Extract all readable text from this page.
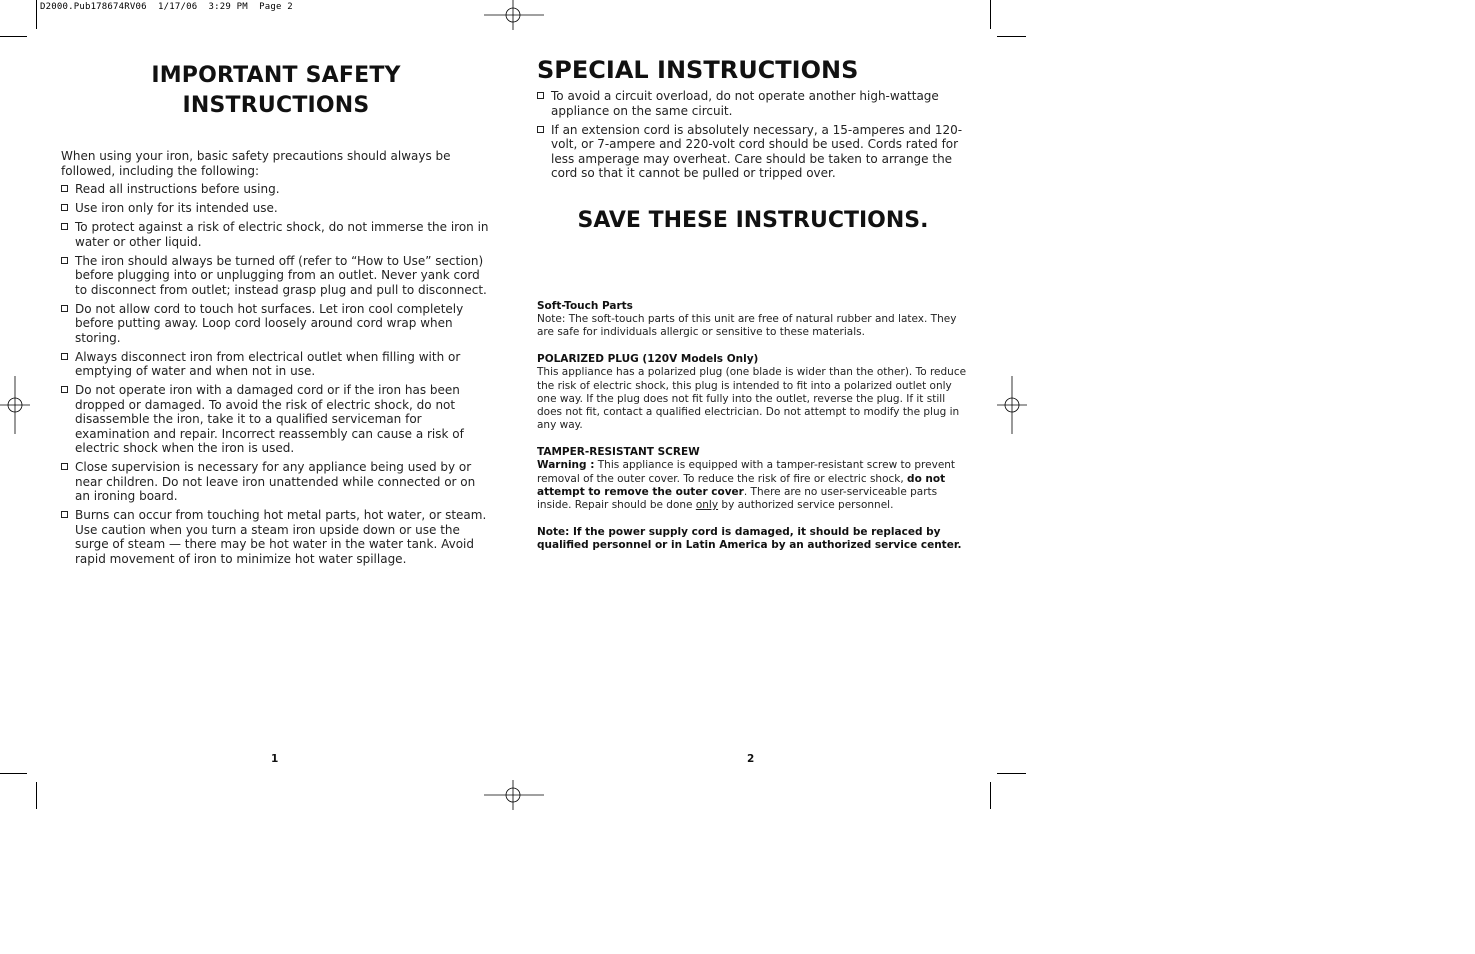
D2000.Pub178674RV06  1/17/06  3:29 PM  Page 2
IMPORTANT SAFETY
INSTRUCTIONS

When using your iron, basic safety precautions should always be followed, including the following:

Read all instructions before using.
Use iron only for its intended use.
To protect against a risk of electric shock, do not immerse the iron in water or other liquid.
The iron should always be turned off (refer to “How to Use” section) before plugging into or unplugging from an outlet. Never yank cord to disconnect from outlet; instead grasp plug and pull to disconnect.
Do not allow cord to touch hot surfaces. Let iron cool completely before putting away. Loop cord loosely around cord wrap when storing.
Always disconnect iron from electrical outlet when filling with or emptying of water and when not in use.
Do not operate iron with a damaged cord or if the iron has been dropped or damaged. To avoid the risk of electric shock, do not disassemble the iron, take it to a qualified serviceman for examination and repair. Incorrect reassembly can cause a risk of electric shock when the iron is used.
Close supervision is necessary for any appliance being used by or near children. Do not leave iron unattended while connected or on an ironing board.
Burns can occur from touching hot metal parts, hot water, or steam. Use caution when you turn a steam iron upside down or use the surge of steam — there may be hot water in the water tank. Avoid rapid movement of iron to minimize hot water spillage.
SPECIAL INSTRUCTIONS
To avoid a circuit overload, do not operate another high-wattage appliance on the same circuit.
If an extension cord is absolutely necessary, a 15-amperes and 120-volt, or 7-ampere and 220-volt cord should be used. Cords rated for less amperage may overheat. Care should be taken to arrange the cord so that it cannot be pulled or tripped over.
SAVE THESE INSTRUCTIONS.
Soft-Touch Parts
Note: The soft-touch parts of this unit are free of natural rubber and latex. They are safe for individuals allergic or sensitive to these materials.
POLARIZED PLUG (120V Models Only)
This appliance has a polarized plug (one blade is wider than the other). To reduce the risk of electric shock, this plug is intended to fit into a polarized outlet only one way. If the plug does not fit fully into the outlet, reverse the plug. If it still does not fit, contact a qualified electrician. Do not attempt to modify the plug in any way.
TAMPER-RESISTANT SCREW
Warning : This appliance is equipped with a tamper-resistant screw to prevent removal of the outer cover. To reduce the risk of fire or electric shock, do not attempt to remove the outer cover. There are no user-serviceable parts inside. Repair should be done only by authorized service personnel.
Note: If the power supply cord is damaged, it should be replaced by qualified personnel or in Latin America by an authorized service center.
1	2
